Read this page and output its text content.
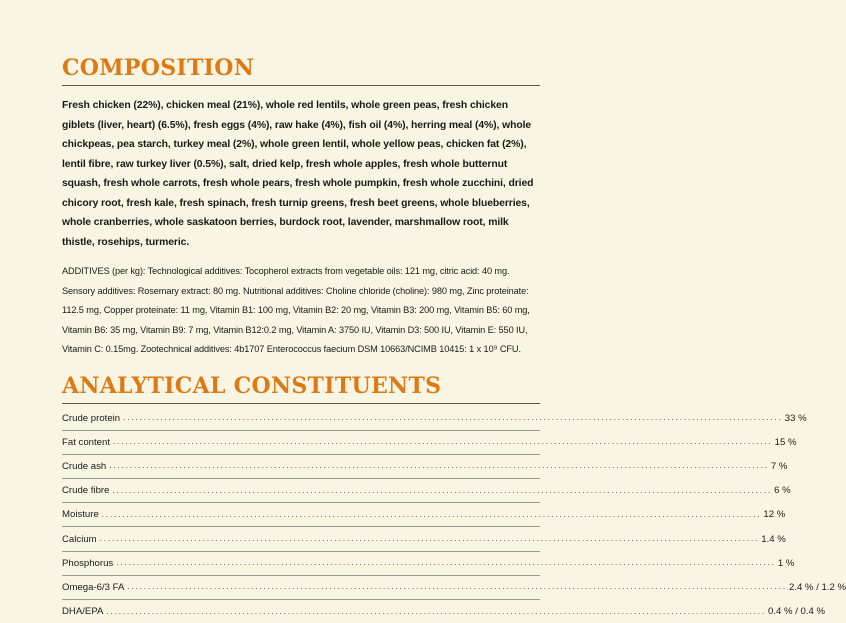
COMPOSITION

Fresh chicken (22%), chicken meal (21%), whole red lentils, whole green peas, fresh chicken giblets (liver, heart) (6.5%), fresh eggs (4%), raw hake (4%), fish oil (4%), herring meal (4%), whole chickpeas, pea starch, turkey meal (2%), whole green lentil, whole yellow peas, chicken fat (2%), lentil fibre, raw turkey liver (0.5%), salt, dried kelp, fresh whole apples, fresh whole butternut squash, fresh whole carrots, fresh whole pears, fresh whole pumpkin, fresh whole zucchini, dried chicory root, fresh kale, fresh spinach, fresh turnip greens, fresh beet greens, whole blueberries, whole cranberries, whole saskatoon berries, burdock root, lavender, marshmallow root, milk thistle, rosehips, turmeric.

ADDITIVES (per kg): Technological additives: Tocopherol extracts from vegetable oils: 121 mg, citric acid: 40 mg. Sensory additives: Rosemary extract: 80 mg. Nutritional additives: Choline chloride (choline): 980 mg, Zinc proteinate: 112.5 mg, Copper proteinate: 11 mg, Vitamin B1: 100 mg, Vitamin B2: 20 mg, Vitamin B3: 200 mg, Vitamin B5: 60 mg, Vitamin B6: 35 mg, Vitamin B9: 7 mg, Vitamin B12:0.2 mg, Vitamin A: 3750 IU, Vitamin D3: 500 IU, Vitamin E: 550 IU, Vitamin C: 0.15mg. Zootechnical additives: 4b1707 Enterococcus faecium DSM 10663/NCIMB 10415: 1 x 10⁹ CFU.

ANALYTICAL CONSTITUENTS
Crude protein ................................................................................................................................................................ 33 %
Fat content ................................................................................................................................................................ 15 %
Crude ash ................................................................................................................................................................ 7 %
Crude fibre ................................................................................................................................................................ 6 %
Moisture ................................................................................................................................................................ 12 %
Calcium ................................................................................................................................................................ 1.4 %
Phosphorus ................................................................................................................................................................ 1 %
Omega-6/3 FA ................................................................................................................................................................ 2.4 % / 1.2 %
DHA/EPA ................................................................................................................................................................ 0.4 % / 0.4 %
